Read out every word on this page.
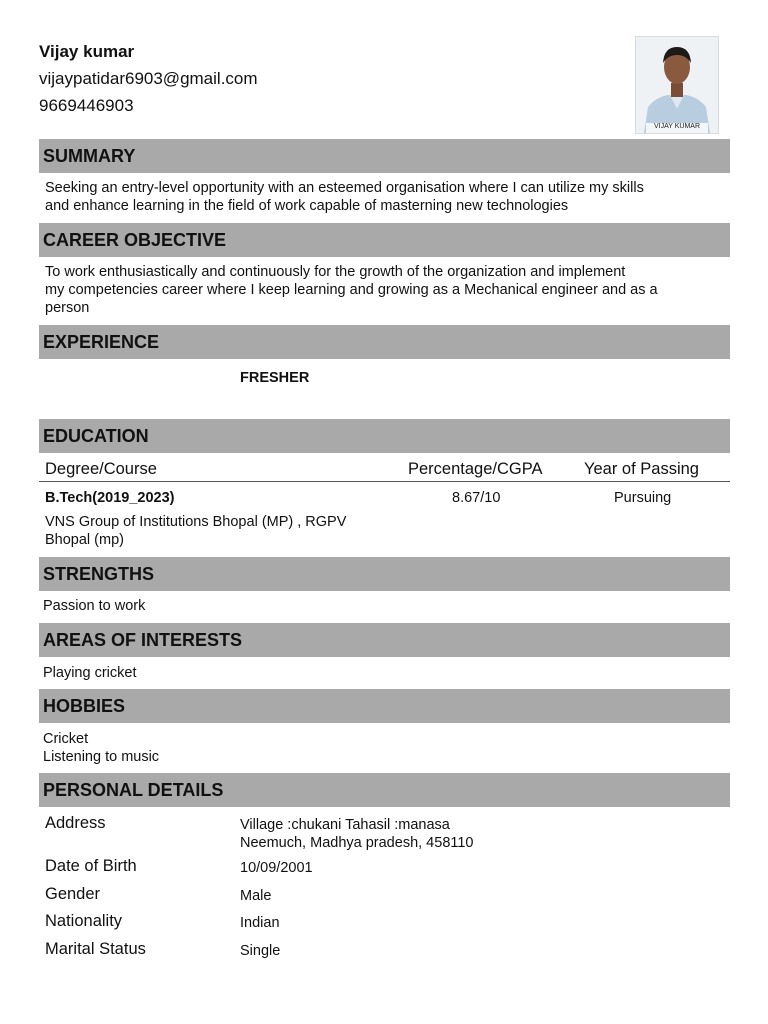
Vijay kumar
vijaypatidar6903@gmail.com
9669446903
VIJAY KUMAR
SUMMARY
Seeking an entry-level opportunity with an esteemed organisation where I can utilize my skills
and enhance learning in the field of work capable of masterning new technologies
CAREER OBJECTIVE
To work enthusiastically and continuously for the growth of the organization and implement
my competencies career where I keep learning and growing as a Mechanical engineer and as a
person
EXPERIENCE
FRESHER
EDUCATION
Degree/Course	Percentage/CGPA	Year of Passing
B.Tech(2019_2023)	8.67/10	Pursuing
VNS Group of Institutions Bhopal (MP) , RGPV
Bhopal (mp)
STRENGTHS
Passion to work
AREAS OF INTERESTS
Playing cricket
HOBBIES
Cricket
Listening to music
PERSONAL DETAILS
Address	Village :chukani Tahasil :manasa
Neemuch, Madhya pradesh, 458110
Date of Birth	10/09/2001
Gender	Male
Nationality	Indian
Marital Status	Single
